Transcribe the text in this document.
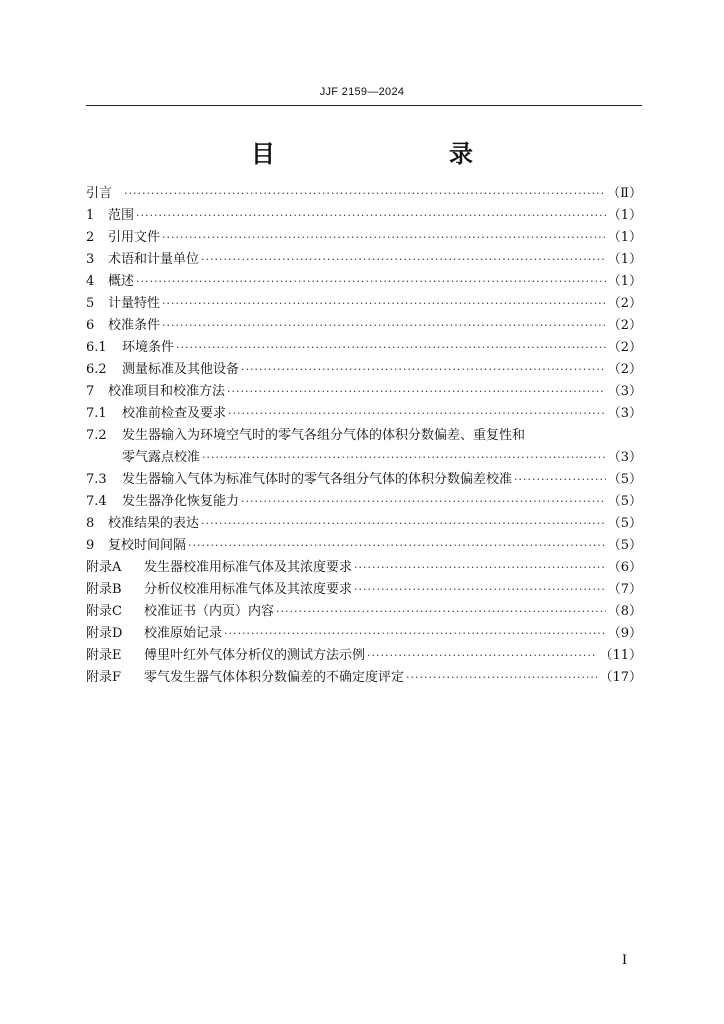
JJF 2159—2024
目　　录
引言 ·····	（Ⅱ）
1	范围 ·····	（1）
2	引用文件 ·····	（1）
3	术语和计量单位 ·····	（1）
4	概述 ·····	（1）
5	计量特性 ·····	（2）
6	校准条件 ·····	（2）
6.1	环境条件 ·····	（2）
6.2	测量标准及其他设备 ·····	（2）
7	校准项目和校准方法 ·····	（3）
7.1	校准前检查及要求 ·····	（3）
7.2	发生器输入为环境空气时的零气各组分气体的体积分数偏差、重复性和
零气露点校准 ·····	（3）
7.3	发生器输入气体为标准气体时的零气各组分气体的体积分数偏差校准 ·····	（5）
7.4	发生器净化恢复能力 ·····	（5）
8	校准结果的表达 ·····	（5）
9	复校时间间隔 ·····	（5）
附录A	发生器校准用标准气体及其浓度要求 ·····	（6）
附录B	分析仪校准用标准气体及其浓度要求 ·····	（7）
附录C	校准证书（内页）内容 ·····	（8）
附录D	校准原始记录 ·····	（9）
附录E	傅里叶红外气体分析仪的测试方法示例 ·····	（11）
附录F	零气发生器气体体积分数偏差的不确定度评定 ·····	（17）
I
